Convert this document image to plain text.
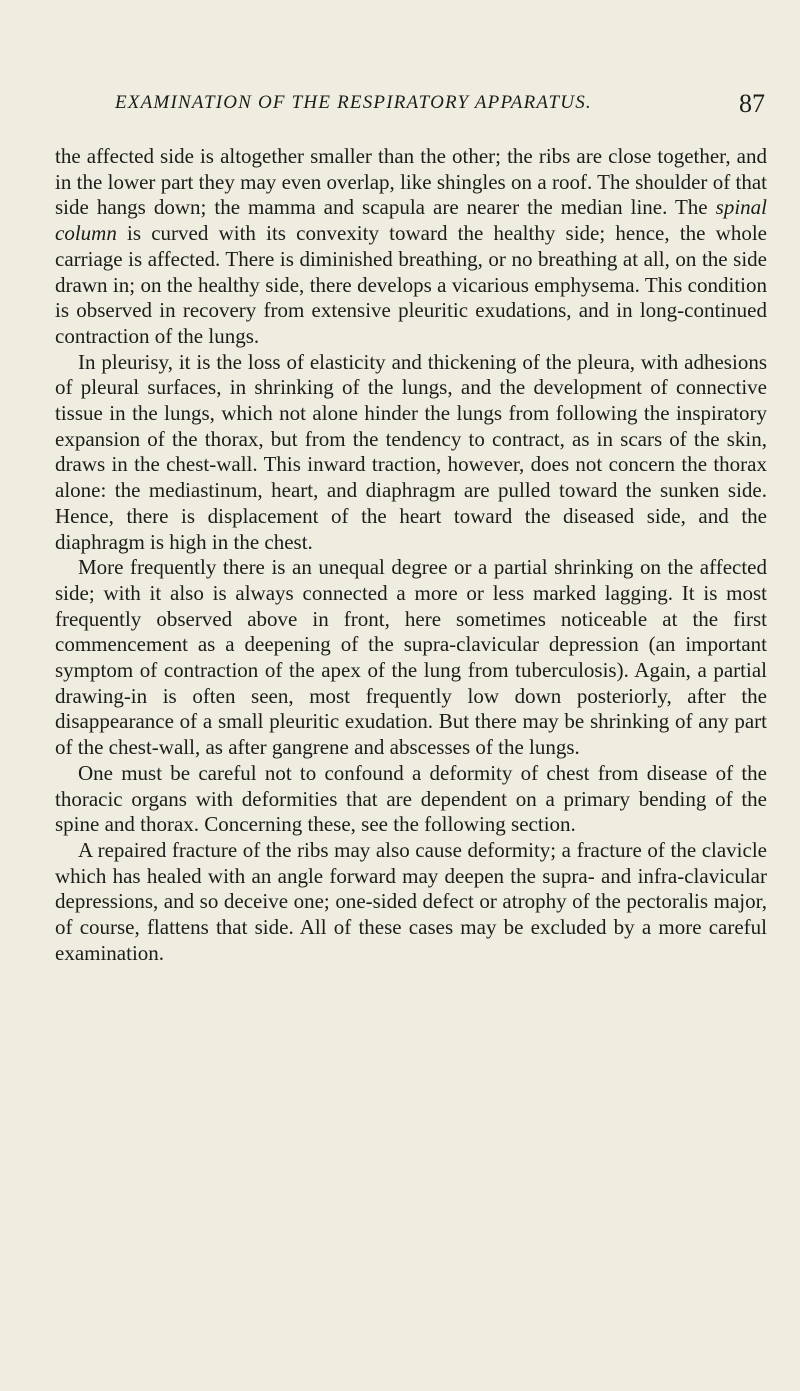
EXAMINATION OF THE RESPIRATORY APPARATUS.	87

the affected side is altogether smaller than the other; the ribs are close together, and in the lower part they may even overlap, like shingles on a roof. The shoulder of that side hangs down; the mamma and scapula are nearer the median line. The spinal column is curved with its convexity toward the healthy side; hence, the whole carriage is affected. There is diminished breathing, or no breathing at all, on the side drawn in; on the healthy side, there develops a vicarious emphysema. This condition is observed in recovery from extensive pleuritic exudations, and in long-continued contraction of the lungs.

In pleurisy, it is the loss of elasticity and thickening of the pleura, with adhesions of pleural surfaces, in shrinking of the lungs, and the development of connective tissue in the lungs, which not alone hinder the lungs from following the inspiratory expansion of the thorax, but from the tendency to contract, as in scars of the skin, draws in the chest-wall. This inward traction, however, does not concern the thorax alone: the mediastinum, heart, and diaphragm are pulled toward the sunken side. Hence, there is displacement of the heart toward the diseased side, and the diaphragm is high in the chest.

More frequently there is an unequal degree or a partial shrinking on the affected side; with it also is always connected a more or less marked lagging. It is most frequently observed above in front, here sometimes noticeable at the first commencement as a deepening of the supra-clavicular depression (an important symptom of contraction of the apex of the lung from tuberculosis). Again, a partial drawing-in is often seen, most frequently low down posteriorly, after the disappearance of a small pleuritic exudation. But there may be shrinking of any part of the chest-wall, as after gangrene and abscesses of the lungs.

One must be careful not to confound a deformity of chest from disease of the thoracic organs with deformities that are dependent on a primary bending of the spine and thorax. Concerning these, see the following section.

A repaired fracture of the ribs may also cause deformity; a fracture of the clavicle which has healed with an angle forward may deepen the supra- and infra-clavicular depressions, and so deceive one; one-sided defect or atrophy of the pectoralis major, of course, flattens that side. All of these cases may be excluded by a more careful examination.
